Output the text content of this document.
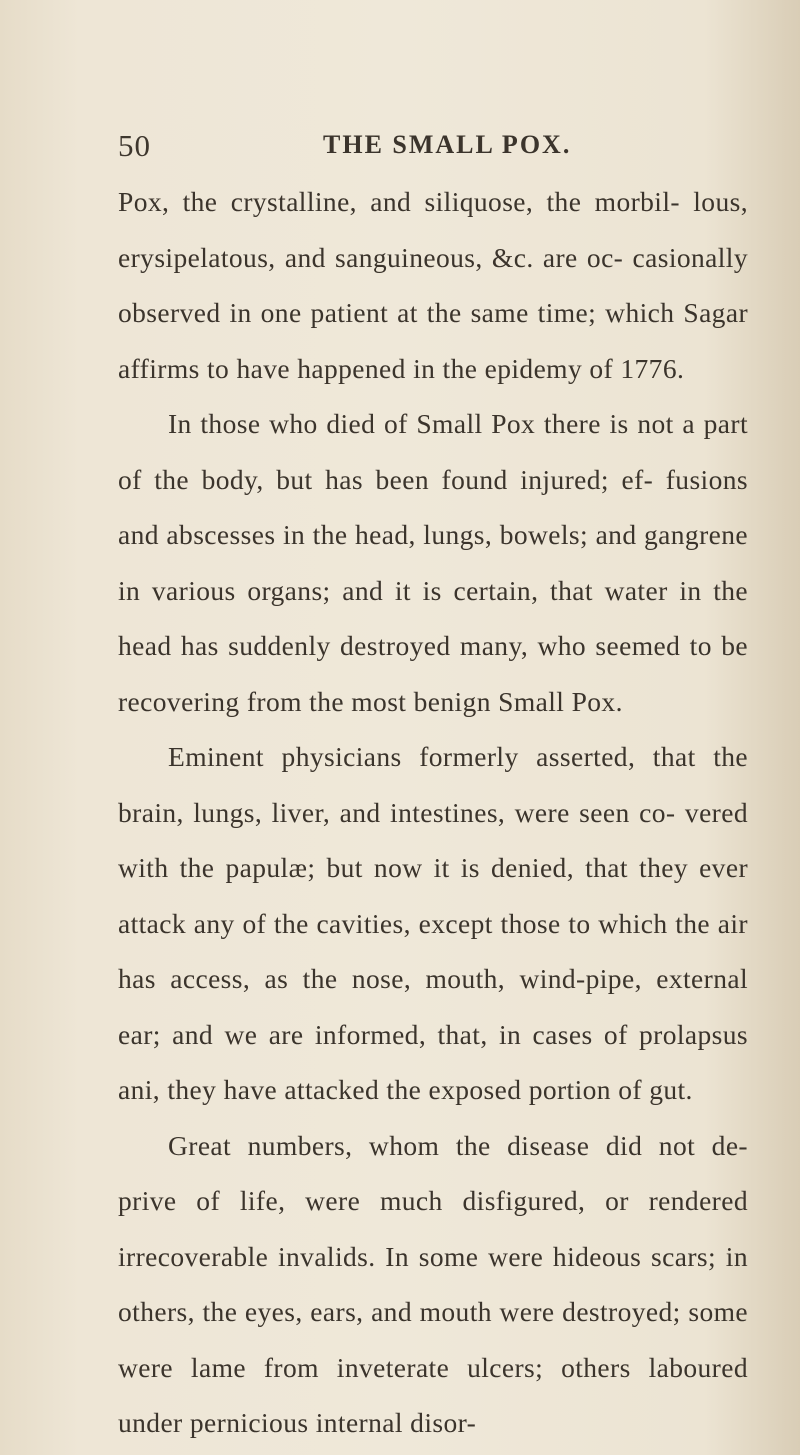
50	THE SMALL POX.

Pox, the crystalline, and siliquose, the morbil- lous, erysipelatous, and sanguineous, &c. are oc- casionally observed in one patient at the same time; which Sagar affirms to have happened in the epidemy of 1776.

In those who died of Small Pox there is not a part of the body, but has been found injured; ef- fusions and abscesses in the head, lungs, bowels; and gangrene in various organs; and it is certain, that water in the head has suddenly destroyed many, who seemed to be recovering from the most benign Small Pox.

Eminent physicians formerly asserted, that the brain, lungs, liver, and intestines, were seen co- vered with the papulæ; but now it is denied, that they ever attack any of the cavities, except those to which the air has access, as the nose, mouth, wind-pipe, external ear; and we are informed, that, in cases of prolapsus ani, they have attacked the exposed portion of gut.

Great numbers, whom the disease did not de- prive of life, were much disfigured, or rendered irrecoverable invalids. In some were hideous scars; in others, the eyes, ears, and mouth were destroyed; some were lame from inveterate ulcers; others laboured under pernicious internal disor-
